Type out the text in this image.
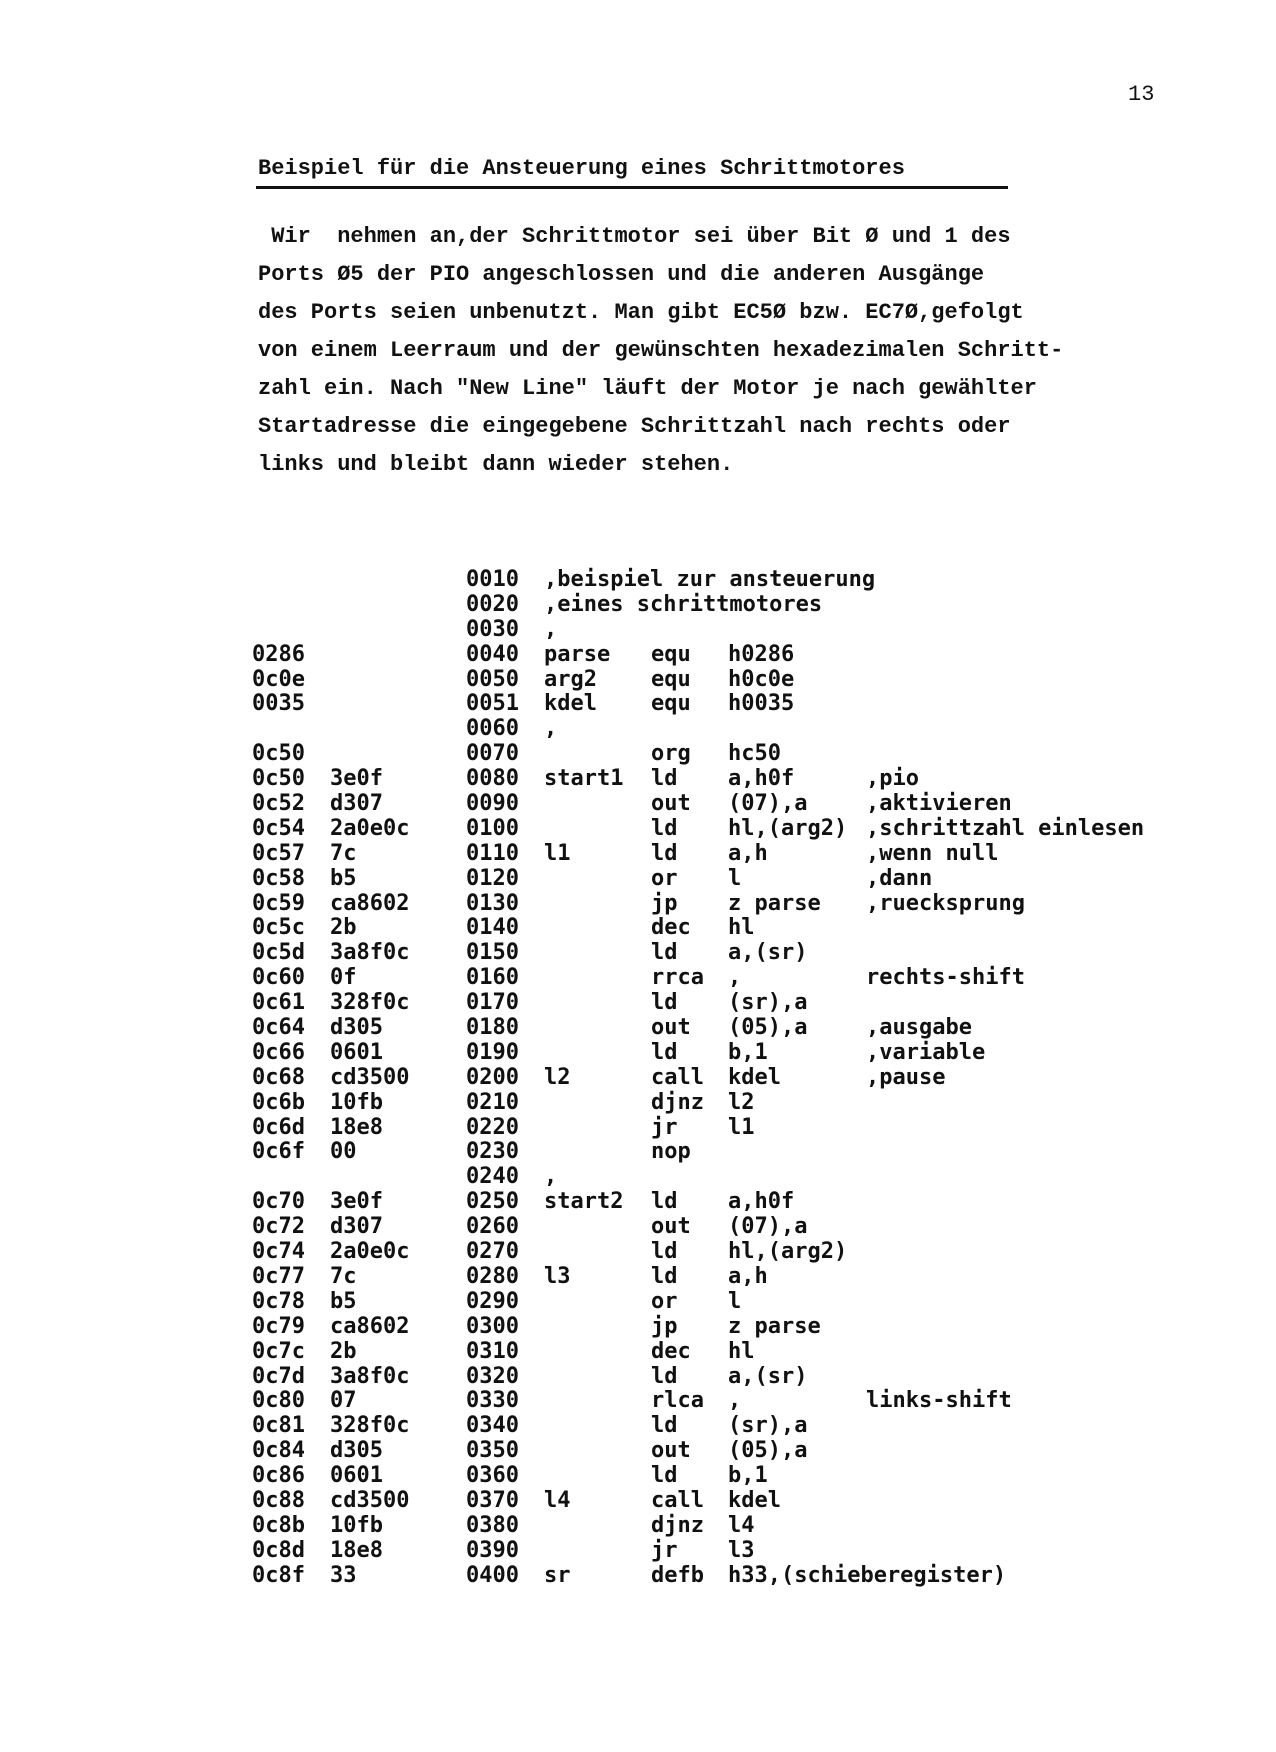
13
Beispiel für die Ansteuerung eines Schrittmotores
Wir  nehmen an,der Schrittmotor sei über Bit Ø und 1 des
Ports Ø5 der PIO angeschlossen und die anderen Ausgänge
des Ports seien unbenutzt. Man gibt EC5Ø bzw. EC7Ø,gefolgt
von einem Leerraum und der gewünschten hexadezimalen Schritt-
zahl ein. Nach "New Line" läuft der Motor je nach gewählter
Startadresse die eingegebene Schrittzahl nach rechts oder
links und bleibt dann wieder stehen.
0010 ,beispiel zur ansteuerung
0020 ,eines schrittmotores
0030 ,
0286	0040 parse equ h0286
0c0e	0050 arg2 equ h0c0e
0035	0051 kdel equ h0035
0060 ,
0c50	0070	org hc50
0c50 3e0f	0080 start1 ld a,h0f	,pio
0c52 d307	0090	out (07),a	,aktivieren
0c54 2a0e0c	0100	ld hl,(arg2) ,schrittzahl einlesen
0c57 7c	0110 l1	ld a,h	,wenn null
0c58 b5	0120	or l	,dann
0c59 ca8602	0130	jp z parse ,ruecksprung
0c5c 2b	0140	dec hl
0c5d 3a8f0c	0150	ld a,(sr)
0c60 0f	0160	rrca ,	rechts-shift
0c61 328f0c	0170	ld (sr),a
0c64 d305	0180	out (05),a	,ausgabe
0c66 0601	0190	ld b,1	,variable
0c68 cd3500	0200 l2	call kdel	,pause
0c6b 10fb	0210	djnz l2
0c6d 18e8	0220	jr l1
0c6f 00	0230	nop
0240 ,
0c70 3e0f	0250 start2 ld a,h0f
0c72 d307	0260	out (07),a
0c74 2a0e0c	0270	ld hl,(arg2)
0c77 7c	0280 l3	ld a,h
0c78 b5	0290	or l
0c79 ca8602	0300	jp z parse
0c7c 2b	0310	dec hl
0c7d 3a8f0c	0320	ld a,(sr)
0c80 07	0330	rlca ,	links-shift
0c81 328f0c	0340	ld (sr),a
0c84 d305	0350	out (05),a
0c86 0601	0360	ld b,1
0c88 cd3500	0370 l4	call kdel
0c8b 10fb	0380	djnz l4
0c8d 18e8	0390	jr l3
0c8f 33	0400 sr	defb h33,(schieberegister)
